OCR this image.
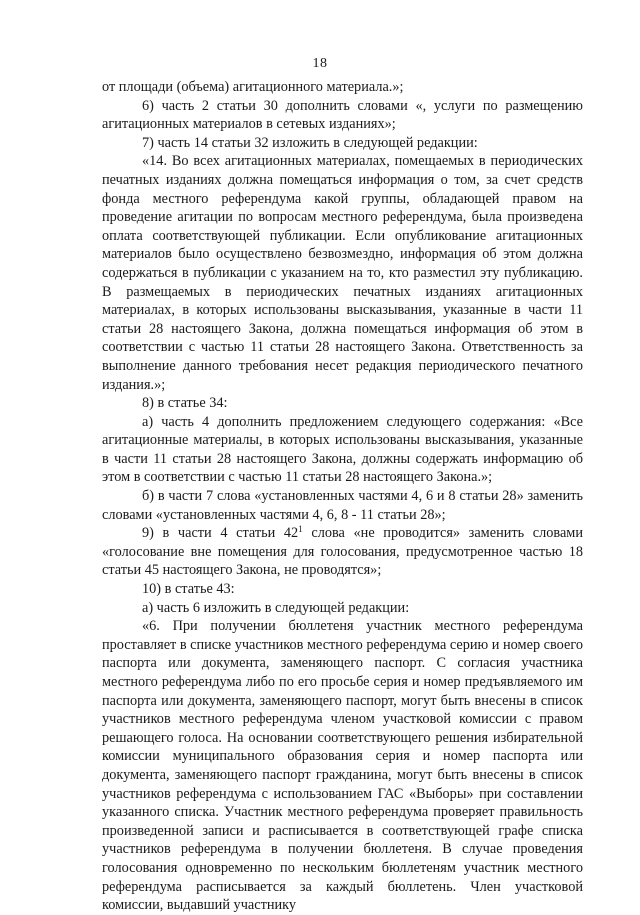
18

от площади (объема) агитационного материала.»;

6) часть 2 статьи 30 дополнить словами «, услуги по размещению агитационных материалов в сетевых изданиях»;

7) часть 14 статьи 32 изложить в следующей редакции:

«14. Во всех агитационных материалах, помещаемых в периодических печатных изданиях должна помещаться информация о том, за счет средств фонда местного референдума какой группы, обладающей правом на проведение агитации по вопросам местного референдума, была произведена оплата соответствующей публикации. Если опубликование агитационных материалов было осуществлено безвозмездно, информация об этом должна содержаться в публикации с указанием на то, кто разместил эту публикацию. В размещаемых в периодических печатных изданиях агитационных материалах, в которых использованы высказывания, указанные в части 11 статьи 28 настоящего Закона, должна помещаться информация об этом в соответствии с частью 11 статьи 28 настоящего Закона. Ответственность за выполнение данного требования несет редакция периодического печатного издания.»;

8) в статье 34:

а) часть 4 дополнить предложением следующего содержания: «Все агитационные материалы, в которых использованы высказывания, указанные в части 11 статьи 28 настоящего Закона, должны содержать информацию об этом в соответствии с частью 11 статьи 28 настоящего Закона.»;

б) в части 7 слова «установленных частями 4, 6 и 8 статьи 28» заменить словами «установленных частями 4, 6, 8 - 11 статьи 28»;

9) в части 4 статьи $42^1$ слова «не проводится» заменить словами «голосование вне помещения для голосования, предусмотренное частью 18 статьи 45 настоящего Закона, не проводятся»;

10) в статье 43:

а) часть 6 изложить в следующей редакции:

«6. При получении бюллетеня участник местного референдума проставляет в списке участников местного референдума серию и номер своего паспорта или документа, заменяющего паспорт. С согласия участника местного референдума либо по его просьбе серия и номер предъявляемого им паспорта или документа, заменяющего паспорт, могут быть внесены в список участников местного референдума членом участковой комиссии с правом решающего голоса. На основании соответствующего решения избирательной комиссии муниципального образования серия и номер паспорта или документа, заменяющего паспорт гражданина, могут быть внесены в список участников референдума с использованием ГАС «Выборы» при составлении указанного списка. Участник местного референдума проверяет правильность произведенной записи и расписывается в соответствующей графе списка участников референдума в получении бюллетеня. В случае проведения голосования одновременно по нескольким бюллетеням участник местного референдума расписывается за каждый бюллетень. Член участковой комиссии, выдавший участнику
